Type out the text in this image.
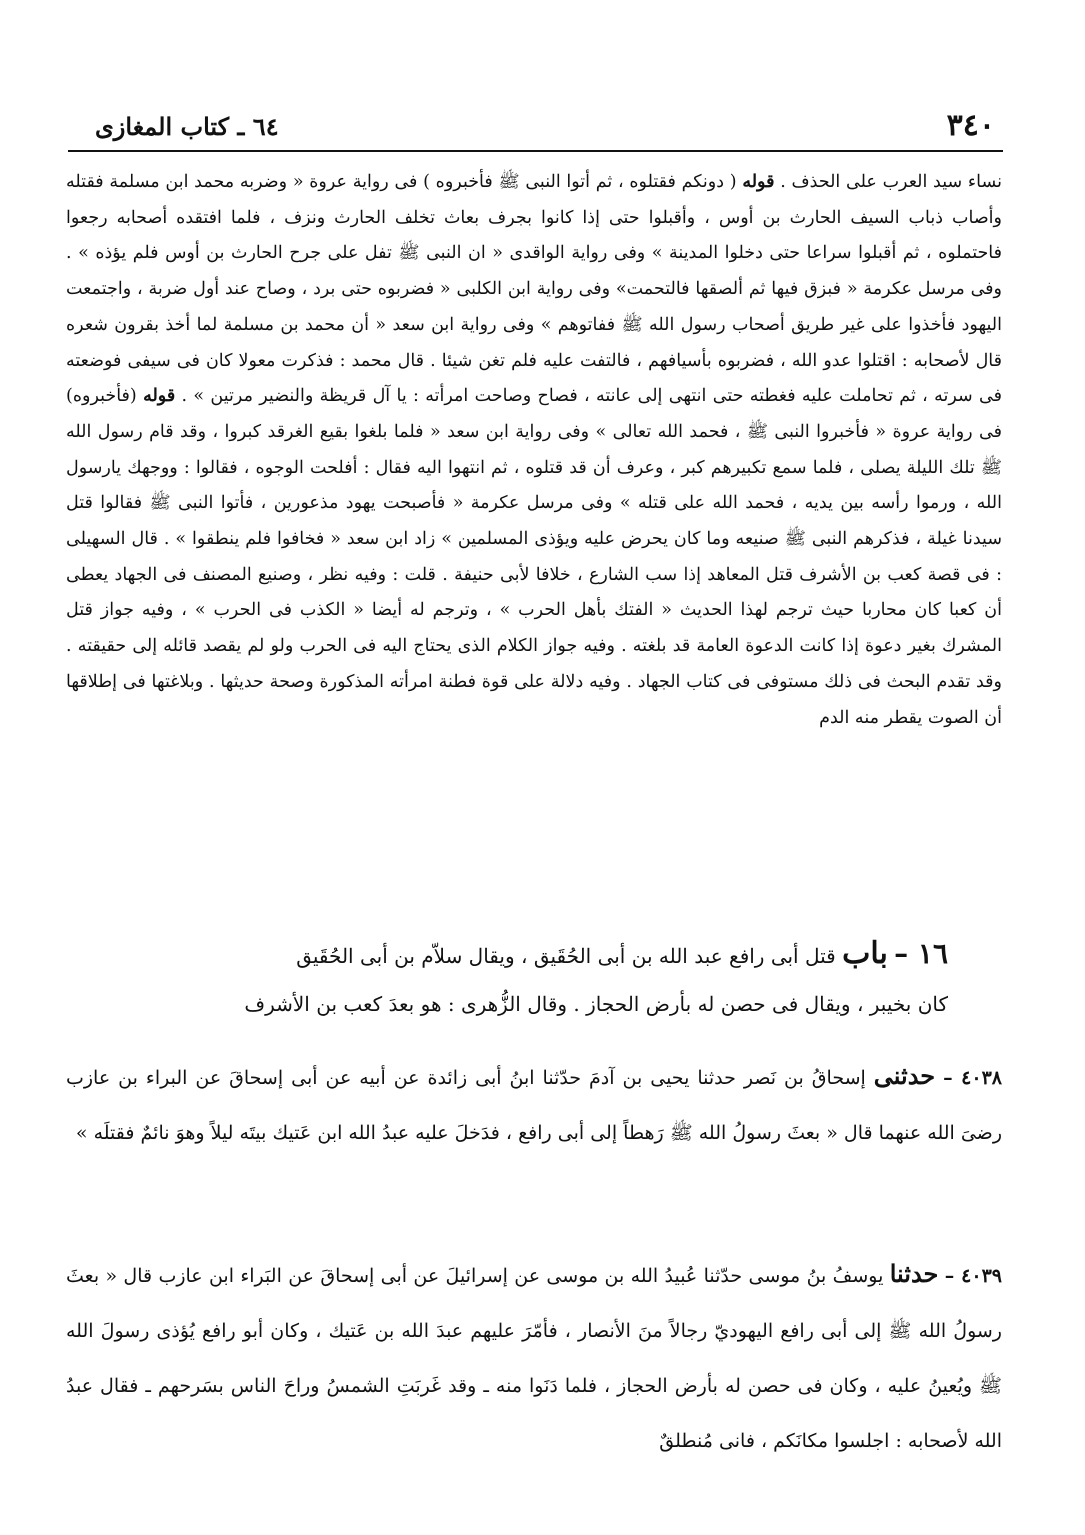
٣٤٠
٦٤ ـ كتاب المغازى

نساء سيد العرب على الحذف . قوله ( دونكم فقتلوه ، ثم أتوا النبى ﷺ فأخبروه ) فى رواية عروة « وضربه محمد ابن مسلمة فقتله وأصاب ذباب السيف الحارث بن أوس ، وأقبلوا حتى إذا كانوا بجرف بعاث تخلف الحارث ونزف ، فلما افتقده أصحابه رجعوا فاحتملوه ، ثم أقبلوا سراعا حتى دخلوا المدينة » وفى رواية الواقدى « ان النبى ﷺ تفل على جرح الحارث بن أوس فلم يؤذه » . وفى مرسل عكرمة « فبزق فيها ثم ألصقها فالتحمت» وفى رواية ابن الكلبى « فضربوه حتى برد ، وصاح عند أول ضربة ، واجتمعت اليهود فأخذوا على غير طريق أصحاب رسول الله ﷺ ففاتوهم » وفى رواية ابن سعد « أن محمد بن مسلمة لما أخذ بقرون شعره قال لأصحابه : اقتلوا عدو الله ، فضربوه بأسيافهم ، فالتفت عليه فلم تغن شيئا . قال محمد : فذكرت معولا كان فى سيفى فوضعته فى سرته ، ثم تحاملت عليه فغطته حتى انتهى إلى عانته ، فصاح وصاحت امرأته : يا آل قريظة والنضير مرتين » . قوله (فأخبروه) فى رواية عروة « فأخبروا النبى ﷺ ، فحمد الله تعالى » وفى رواية ابن سعد « فلما بلغوا بقيع الغرقد كبروا ، وقد قام رسول الله ﷺ تلك الليلة يصلى ، فلما سمع تكبيرهم كبر ، وعرف أن قد قتلوه ، ثم انتهوا اليه فقال : أفلحت الوجوه ، فقالوا : ووجهك يارسول الله ، ورموا رأسه بين يديه ، فحمد الله على قتله » وفى مرسل عكرمة « فأصبحت يهود مذعورين ، فأتوا النبى ﷺ فقالوا قتل سيدنا غيلة ، فذكرهم النبى ﷺ صنيعه وما كان يحرض عليه ويؤذى المسلمين » زاد ابن سعد « فخافوا فلم ينطقوا » . قال السهيلى : فى قصة كعب بن الأشرف قتل المعاهد إذا سب الشارع ، خلافا لأبى حنيفة . قلت : وفيه نظر ، وصنيع المصنف فى الجهاد يعطى أن كعبا كان محاربا حيث ترجم لهذا الحديث « الفتك بأهل الحرب » ، وترجم له أيضا « الكذب فى الحرب » ، وفيه جواز قتل المشرك بغير دعوة إذا كانت الدعوة العامة قد بلغته . وفيه جواز الكلام الذى يحتاج اليه فى الحرب ولو لم يقصد قائله إلى حقيقته . وقد تقدم البحث فى ذلك مستوفى فى كتاب الجهاد . وفيه دلالة على قوة فطنة امرأته المذكورة وصحة حديثها . وبلاغتها فى إطلاقها أن الصوت يقطر منه الدم

١٦ – باب قتل أبى رافع عبد الله بن أبى الحُقَيق ، ويقال سلاّم بن أبى الحُقَيق

كان بخيبر ، ويقال فى حصن له بأرض الحجاز . وقال الزُّهرى : هو بعدَ كعب بن الأشرف

٤٠٣٨ – حدثنى إسحاقُ بن نَصر حدثنا يحيى بن آدمَ حدّثنا ابنُ أبى زائدة عن أبيه عن أبى إسحاقَ عن البراء بن عازب رضىَ الله عنهما قال « بعثَ رسولُ الله ﷺ رَهطاً إلى أبى رافع ، فدَخلَ عليه عبدُ الله ابن عَتيك بيتَه ليلاً وهوَ نائمٌ فقتلَه »

٤٠٣٩ – حدثنا يوسفُ بنُ موسى حدّثنا عُبيدُ الله بن موسى عن إسرائيلَ عن أبى إسحاقَ عن البَراء ابن عازب قال « بعثَ رسولُ الله ﷺ إلى أبى رافع اليهوديّ رجالاً منَ الأنصار ، فأمّرَ عليهم عبدَ الله بن عَتيك ، وكان أبو رافع يُؤذى رسولَ الله ﷺ ويُعينُ عليه ، وكان فى حصن له بأرض الحجاز ، فلما دَنَوا منه ـ وقد غَربَتِ الشمسُ وراحَ الناس بسَرحهم ـ فقال عبدُ الله لأصحابه : اجلسوا مكانَكم ، فانى مُنطلقٌ
